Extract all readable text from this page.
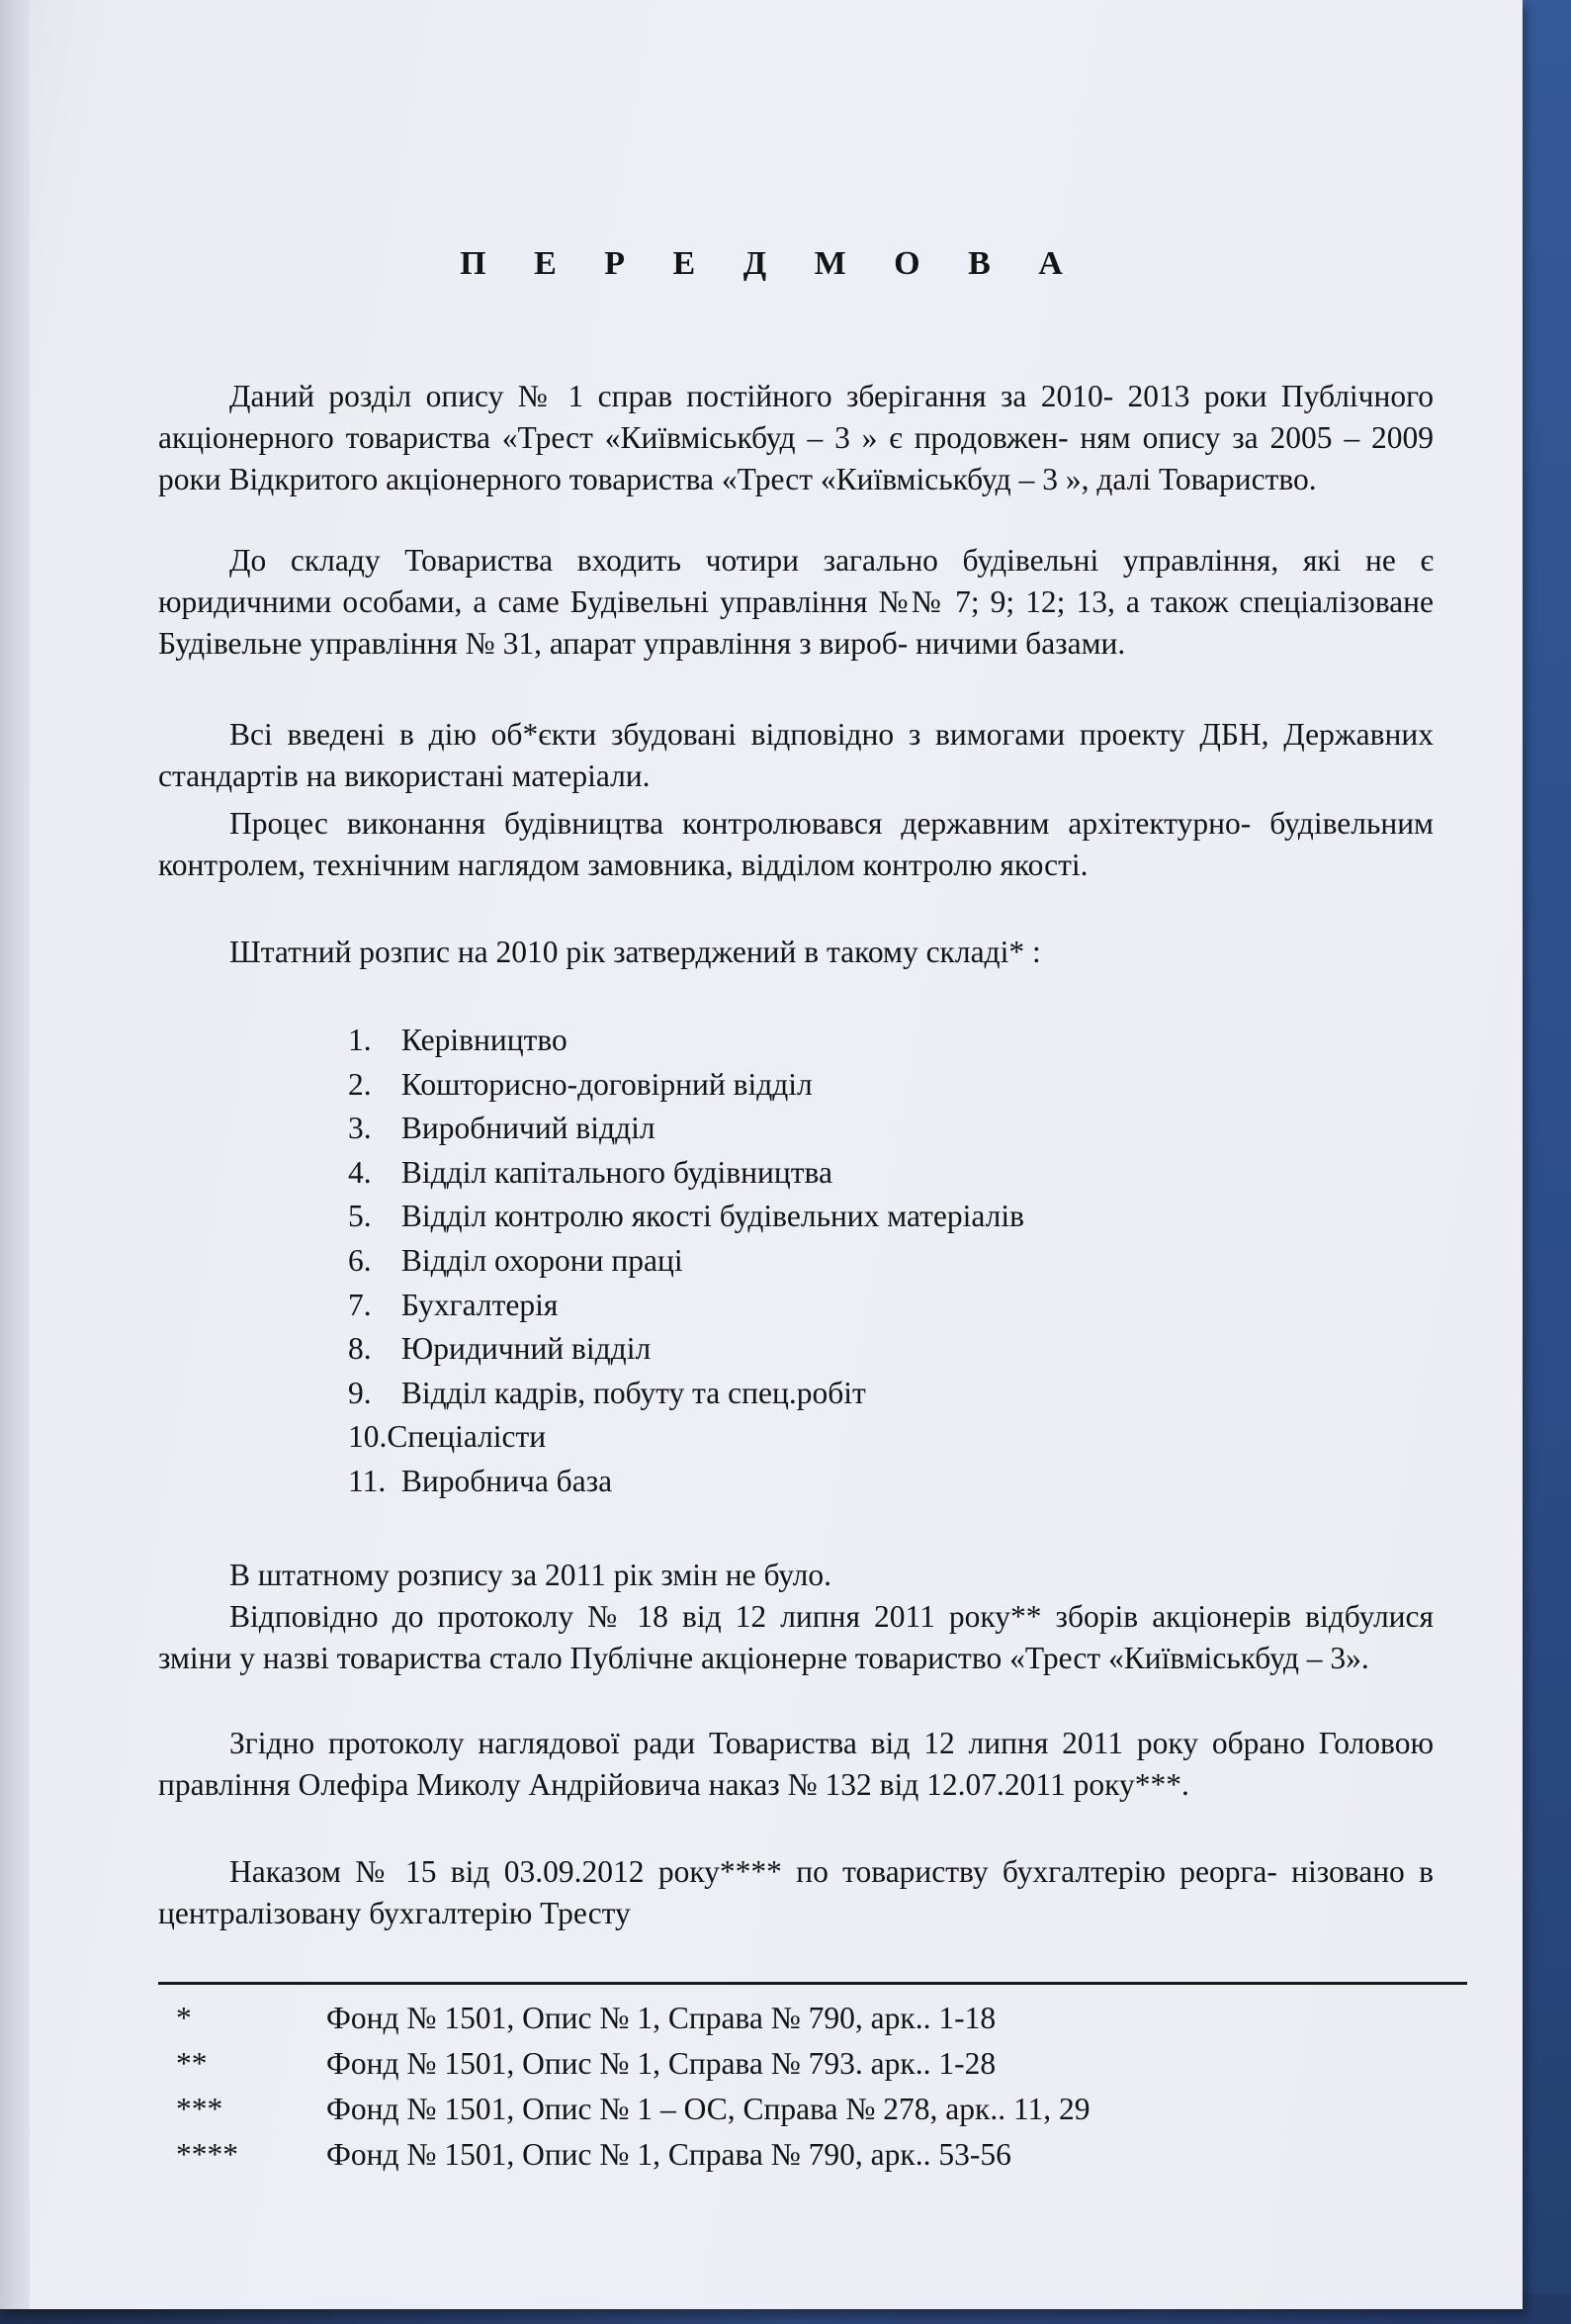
П Е Р Е Д М О В А

Даний розділ опису № 1 справ постійного зберігання за 2010- 2013 роки Публічного акціонерного товариства «Трест «Київміськбуд – 3 » є продовжен- ням опису за 2005 – 2009 роки Відкритого акціонерного товариства «Трест «Київміськбуд – 3 », далі Товариство.

До складу Товариства входить чотири загально будівельні управління, які не є юридичними особами, а саме Будівельні управління №№ 7; 9; 12; 13, а також спеціалізоване Будівельне управління № 31, апарат управління з вироб- ничими базами.

Всі введені в дію об*єкти збудовані відповідно з вимогами проекту ДБН, Державних стандартів на використані матеріали.

Процес виконання будівництва контролювався державним архітектурно- будівельним контролем, технічним наглядом замовника, відділом контролю якості.

Штатний розпис на 2010 рік затверджений в такому складі* :

1. Керівництво
2. Кошторисно-договірний відділ
3. Виробничий відділ
4. Відділ капітального будівництва
5. Відділ контролю якості будівельних матеріалів
6. Відділ охорони праці
7. Бухгалтерія
8. Юридичний відділ
9. Відділ кадрів, побуту та спец.робіт
10.Спеціалісти
11. Виробнича база

В штатному розпису за 2011 рік змін не було.

Відповідно до протоколу № 18 від 12 липня 2011 року** зборів акціонерів відбулися зміни у назві товариства стало Публічне акціонерне товариство «Трест «Київміськбуд – 3».

Згідно протоколу наглядової ради Товариства від 12 липня 2011 року обрано Головою правління Олефіра Миколу Андрійовича наказ № 132 від 12.07.2011 року***.

Наказом № 15 від 03.09.2012 року**** по товариству бухгалтерію реорга- нізовано в централізовану бухгалтерію Тресту

*	Фонд № 1501, Опис № 1, Справа № 790, арк.. 1-18
**	Фонд № 1501, Опис № 1, Справа № 793. арк.. 1-28
***	Фонд № 1501, Опис № 1 – ОС, Справа № 278, арк.. 11, 29
****	Фонд № 1501, Опис № 1, Справа № 790, арк.. 53-56
